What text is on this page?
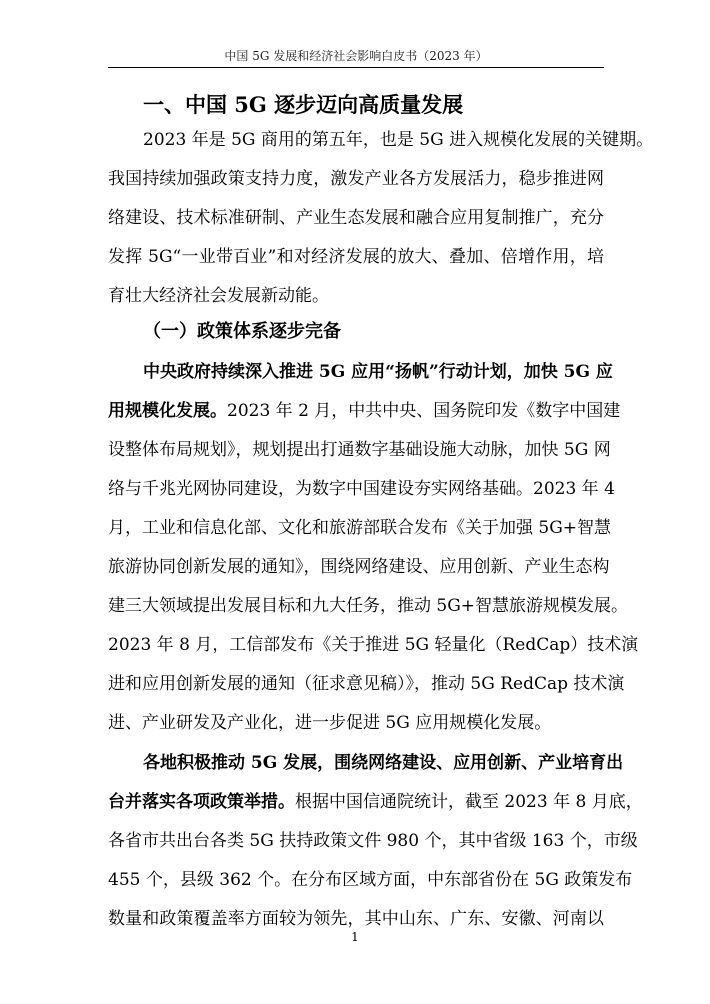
中国 5G 发展和经济社会影响白皮书（2023 年）
一、中国 5G 逐步迈向高质量发展
2023 年是 5G 商用的第五年，也是 5G 进入规模化发展的关键期。
我国持续加强政策支持力度，激发产业各方发展活力，稳步推进网
络建设、技术标准研制、产业生态发展和融合应用复制推广，充分
发挥 5G“一业带百业”和对经济发展的放大、叠加、倍增作用，培
育壮大经济社会发展新动能。
（一）政策体系逐步完备
中央政府持续深入推进 5G 应用“扬帆”行动计划，加快 5G 应
用规模化发展。2023 年 2 月，中共中央、国务院印发《数字中国建
设整体布局规划》，规划提出打通数字基础设施大动脉，加快 5G 网
络与千兆光网协同建设，为数字中国建设夯实网络基础。2023 年 4
月，工业和信息化部、文化和旅游部联合发布《关于加强 5G+智慧
旅游协同创新发展的通知》，围绕网络建设、应用创新、产业生态构
建三大领域提出发展目标和九大任务，推动 5G+智慧旅游规模发展。
2023 年 8 月，工信部发布《关于推进 5G 轻量化（RedCap）技术演
进和应用创新发展的通知（征求意见稿）》，推动 5G RedCap 技术演
进、产业研发及产业化，进一步促进 5G 应用规模化发展。
各地积极推动 5G 发展，围绕网络建设、应用创新、产业培育出
台并落实各项政策举措。根据中国信通院统计，截至 2023 年 8 月底，
各省市共出台各类 5G 扶持政策文件 980 个，其中省级 163 个，市级
455 个，县级 362 个。在分布区域方面，中东部省份在 5G 政策发布
数量和政策覆盖率方面较为领先，其中山东、广东、安徽、河南以
1
